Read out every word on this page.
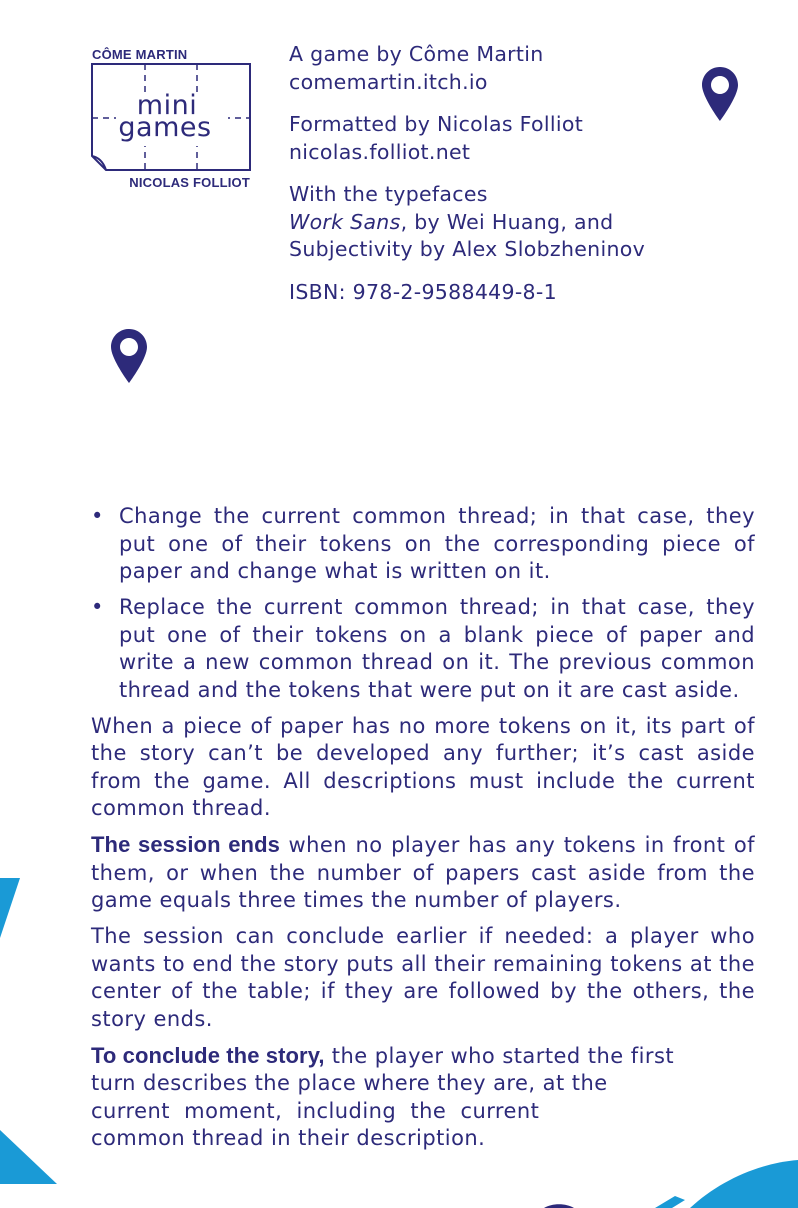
CÔME MARTIN
mini
games
NICOLAS FOLLIOT

A game by Côme Martin

comemartin.itch.io

Formatted by Nicolas Folliot

nicolas.folliot.net

With the typefaces

Work Sans, by Wei Huang, and

Subjectivity by Alex Slobzheninov

ISBN: 978-2-9588449-8-1

• Change the current common thread; in that case, they put one of their tokens on the corresponding piece of paper and change what is written on it.
• Replace the current common thread; in that case, they put one of their tokens on a blank piece of paper and write a new common thread on it. The previous common thread and the tokens that were put on it are cast aside.

When a piece of paper has no more tokens on it, its part of the story can’t be developed any further; it’s cast aside from the game. All descriptions must include the current common thread.

The session ends when no player has any tokens in front of them, or when the number of papers cast aside from the game equals three times the number of players.

The session can conclude earlier if needed: a player who wants to end the story puts all their remaining tokens at the center of the table; if they are followed by the others, the story ends.

To conclude the story, the player who started the first
turn describes the place where they are, at the
current  moment,  including  the  current
common thread in their description.
